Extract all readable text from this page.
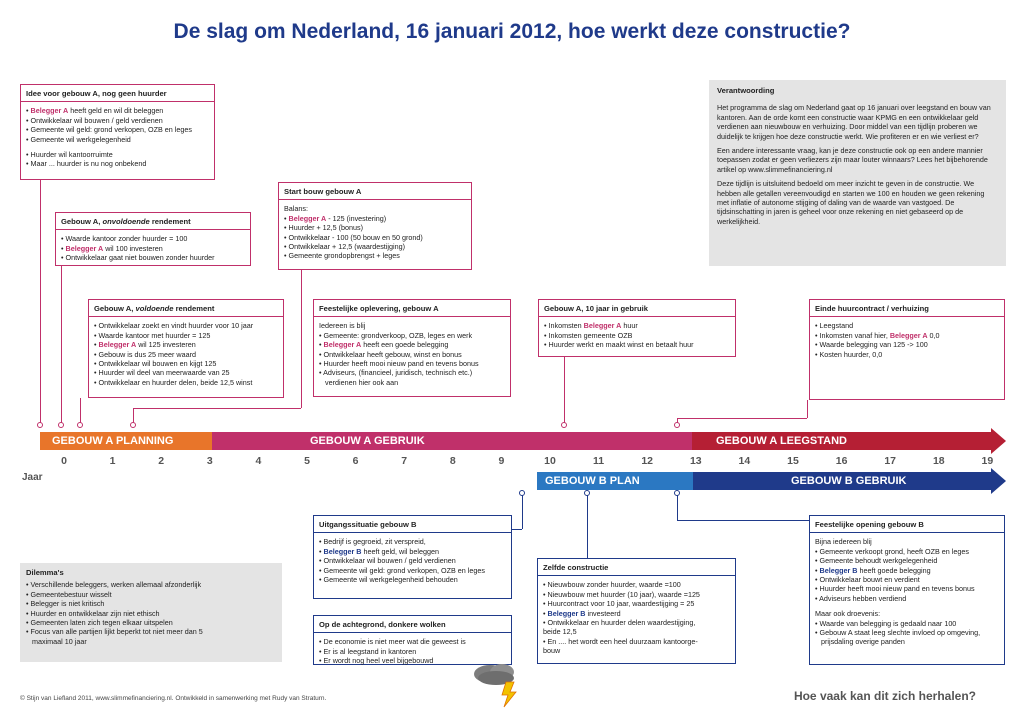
De slag om Nederland, 16 januari 2012, hoe werkt deze constructie?
Idee voor gebouw A, nog geen huurder
• Belegger A heeft geld en wil dit beleggen
• Ontwikkelaar wil bouwen / geld verdienen
• Gemeente wil geld: grond verkopen, OZB en leges
• Gemeente wil werkgelegenheid
• Huurder wil kantoorruimte
• Maar ... huurder is nu nog onbekend
Gebouw A, onvoldoende rendement
• Waarde kantoor zonder huurder = 100
• Belegger A wil 100 investeren
• Ontwikkelaar gaat niet bouwen zonder huurder
Gebouw A, voldoende rendement
• Ontwikkelaar zoekt en vindt huurder voor 10 jaar
• Waarde kantoor met huurder = 125
• Belegger A wil 125 investeren
• Gebouw is dus 25 meer waard
• Ontwikkelaar wil bouwen en kijgt 125
• Huurder wil deel van meerwaarde van 25
• Ontwikkelaar en huurder delen, beide 12,5 winst
Start bouw gebouw A
Balans:
• Belegger A - 125 (investering)
• Huurder + 12,5 (bonus)
• Ontwikkelaar - 100 (50 bouw en 50 grond)
• Ontwikkelaar + 12,5 (waardestijging)
• Gemeente grondopbrengst + leges
Feestelijke oplevering, gebouw A
Iedereen is blij
• Gemeente: grondverkoop, OZB, leges en werk
• Belegger A heeft een goede belegging
• Ontwikkelaar heeft gebouw, winst en bonus
• Huurder heeft mooi nieuw pand en tevens bonus
• Adviseurs, (financieel, juridisch, technisch etc.)
verdienen hier ook aan
Gebouw A, 10 jaar in gebruik
• Inkomsten Belegger A huur
• Inkomsten gemeente OZB
• Huurder werkt en maakt winst en betaalt huur
Einde huurcontract / verhuizing
• Leegstand
• Inkomsten vanaf hier, Belegger A 0,0
• Waarde belegging van 125 -> 100
• Kosten huurder, 0,0
Verantwoording
Het programma de slag om Nederland gaat op 16 januari over leegstand en bouw van kantoren. Aan de orde komt een constructie waar KPMG en een ontwikkelaar geld verdienen aan nieuwbouw en verhuizing. Door middel van een tijdlijn proberen we duidelijk te krijgen hoe deze constructie werkt. Wie profiteren er en wie verliest er?
Een andere interessante vraag, kan je deze constructie ook op een andere mannier toepassen zodat er geen verliezers zijn maar louter winnaars? Lees het bijbehorende artikel op www.slimmefinanciering.nl
Deze tijdlijn is uitsluitend bedoeld om meer inzicht te geven in de constructie. We hebben alle getallen vereenvoudigd en starten we 100 en houden we geen rekening met inflatie of autonome stijging of daling van de waarde van vastgoed. De tijdsinschatting in jaren is geheel voor onze rekening en niet gebaseerd op de werkelijkheid.
GEBOUW A PLANNING	GEBOUW A GEBRUIK	GEBOUW A LEEGSTAND
Jaar
0	1	2	3	4	5	6	7	8	9	10	11	12	13	14	15	16	17	18	19
GEBOUW B PLAN	GEBOUW B GEBRUIK
Uitgangssituatie gebouw B
• Bedrijf is gegroeid, zit verspreid,
• Belegger B heeft geld, wil beleggen
• Ontwikkelaar wil bouwen / geld verdienen
• Gemeente wil geld: grond verkopen, OZB en leges
• Gemeente wil werkgelegenheid behouden
Op de achtegrond, donkere wolken
• De economie is niet meer wat die geweest is
• Er is al leegstand in kantoren
• Er wordt nog heel veel bijgebouwd
Zelfde constructie
• Nieuwbouw zonder huurder, waarde =100
• Nieuwbouw met huurder (10 jaar), waarde =125
• Huurcontract voor 10 jaar, waardestijging = 25
• Belegger B investeerd
• Ontwikkelaar en huurder delen waardestijging,
beide 12,5
• En .... het wordt een heel duurzaam kantoorge-
bouw
Feestelijke opening gebouw B
Bijna iedereen blij
• Gemeente verkoopt grond, heeft OZB en leges
• Gemeente behoudt werkgelegenheid
• Belegger B heeft goede belegging
• Ontwikkelaar bouwt en verdient
• Huurder heeft mooi nieuw pand en tevens bonus
• Adviseurs hebben verdiend
Maar ook droevenis:
• Waarde van belegging is gedaald naar 100
• Gebouw A staat leeg slechte invloed op omgeving,
prijsdaling overige panden
Dilemma's
• Verschillende beleggers, werken allemaal afzonderlijk
• Gemeentebestuur wisselt
• Belegger is niet kritisch
• Huurder en ontwikkelaar zijn niet ethisch
• Gemeenten laten zich tegen elkaar uitspelen
• Focus van alle partijen lijkt beperkt tot niet meer dan 5
maximaal 10 jaar
© Stijn van Liefland 2011, www.slimmefinanciering.nl. Ontwikkeld in samenwerking met Rudy van Straturn.	Hoe vaak kan dit zich herhalen?
